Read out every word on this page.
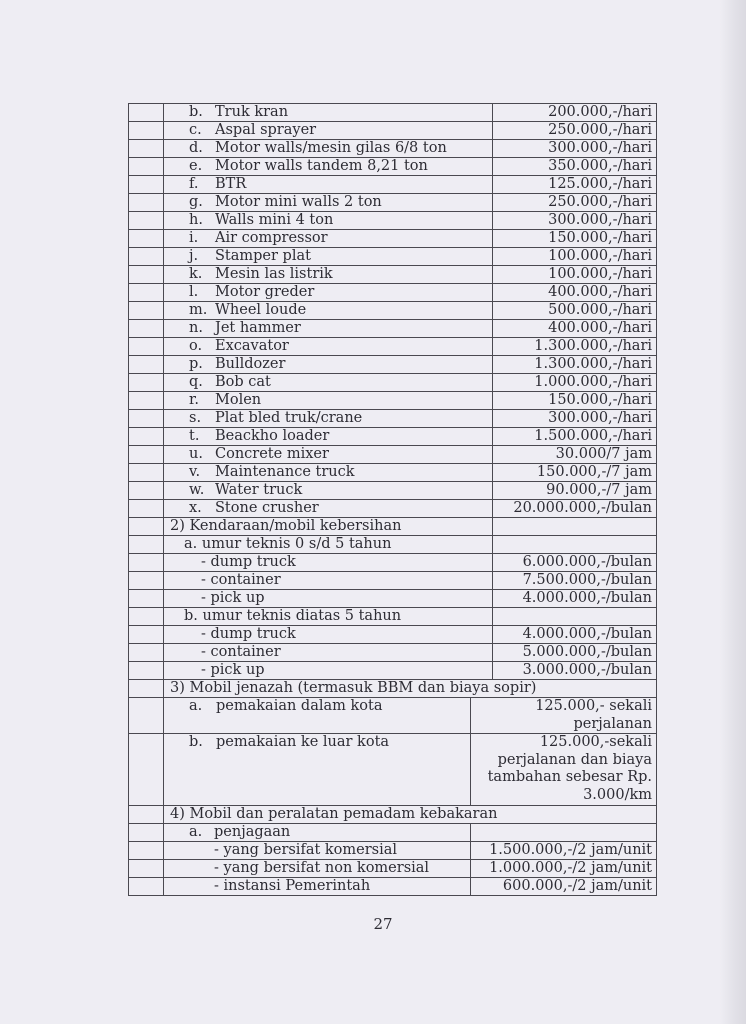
	b. Truk kran		200.000,-/hari
	c. Aspal sprayer		250.000,-/hari
	d. Motor walls/mesin gilas 6/8 ton		300.000,-/hari
	e. Motor walls tandem 8,21 ton		350.000,-/hari
	f. BTR		125.000,-/hari
	g. Motor mini walls 2 ton		250.000,-/hari
	h. Walls mini 4 ton		300.000,-/hari
	i. Air compressor		150.000,-/hari
	j. Stamper plat		100.000,-/hari
	k. Mesin las listrik		100.000,-/hari
	l. Motor greder		400.000,-/hari
	m. Wheel loude		500.000,-/hari
	n. Jet hammer		400.000,-/hari
	o. Excavator		1.300.000,-/hari
	p. Bulldozer		1.300.000,-/hari
	q. Bob cat		1.000.000,-/hari
	r. Molen		150.000,-/hari
	s. Plat bled truk/crane		300.000,-/hari
	t. Beackho loader		1.500.000,-/hari
	u. Concrete mixer		30.000/7 jam
	v. Maintenance truck		150.000,-/7 jam
	w. Water truck		90.000,-/7 jam
	x. Stone crusher		20.000.000,-/bulan
	2) Kendaraan/mobil kebersihan		
	a. umur teknis 0 s/d 5 tahun		
	- dump truck		6.000.000,-/bulan
	- container		7.500.000,-/bulan
	- pick up		4.000.000,-/bulan
	b. umur teknis diatas 5 tahun		
	- dump truck		4.000.000,-/bulan
	- container		5.000.000,-/bulan
	- pick up		3.000.000,-/bulan
	3) Mobil jenazah (termasuk BBM dan biaya sopir)		
	a. pemakaian dalam kota	125.000,- sekali
perjalanan	

	b. pemakaian ke luar kota	125.000,-sekali
perjalanan dan biaya
tambahan sebesar Rp.
3.000/km	

	4) Mobil dan peralatan pemadam kebakaran		
	a. penjagaan		
	- yang bersifat komersial	1.500.000,-/2 jam/unit	
	- yang bersifat non komersial	1.000.000,-/2 jam/unit	
	- instansi Pemerintah	600.000,-/2 jam/unit	
27
